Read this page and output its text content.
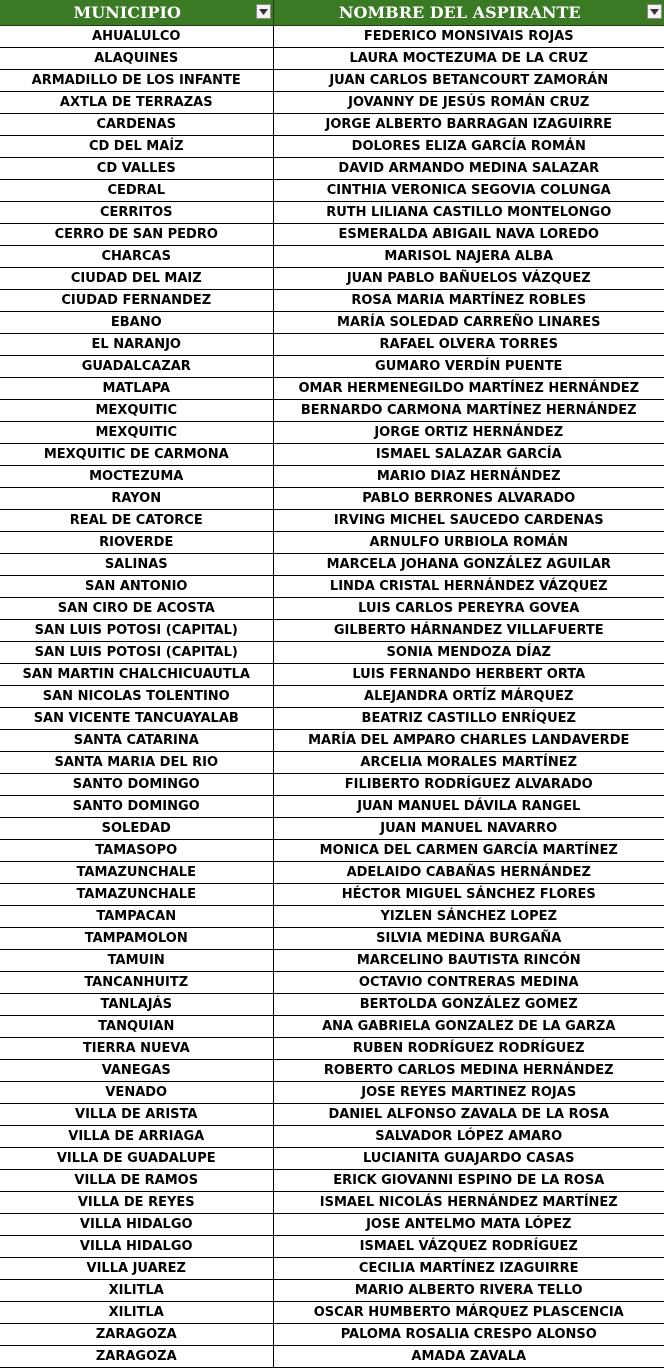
MUNICIPIO	NOMBRE DEL ASPIRANTE

AHUALULCO	FEDERICO MONSIVAIS ROJAS
ALAQUINES	LAURA MOCTEZUMA DE LA CRUZ
ARMADILLO DE LOS INFANTE	JUAN CARLOS BETANCOURT ZAMORÁN
AXTLA DE TERRAZAS	JOVANNY DE JESÚS ROMÁN CRUZ
CARDENAS	JORGE ALBERTO BARRAGAN IZAGUIRRE
CD DEL MAÍZ	DOLORES ELIZA GARCÍA ROMÁN
CD VALLES	DAVID ARMANDO MEDINA SALAZAR
CEDRAL	CINTHIA VERONICA SEGOVIA COLUNGA
CERRITOS	RUTH LILIANA CASTILLO MONTELONGO
CERRO DE SAN PEDRO	ESMERALDA ABIGAIL NAVA LOREDO
CHARCAS	MARISOL NAJERA ALBA
CIUDAD DEL MAIZ	JUAN PABLO BAÑUELOS VÁZQUEZ
CIUDAD FERNANDEZ	ROSA MARIA MARTÍNEZ ROBLES
EBANO	MARÍA SOLEDAD CARREÑO LINARES
EL NARANJO	RAFAEL OLVERA TORRES
GUADALCAZAR	GUMARO VERDÍN PUENTE
MATLAPA	OMAR HERMENEGILDO MARTÍNEZ HERNÁNDEZ
MEXQUITIC	BERNARDO CARMONA MARTÍNEZ HERNÁNDEZ
MEXQUITIC	JORGE ORTIZ HERNÁNDEZ
MEXQUITIC DE CARMONA	ISMAEL SALAZAR GARCÍA
MOCTEZUMA	MARIO DIAZ HERNÁNDEZ
RAYON	PABLO BERRONES ALVARADO
REAL DE CATORCE	IRVING MICHEL SAUCEDO CARDENAS
RIOVERDE	ARNULFO URBIOLA ROMÁN
SALINAS	MARCELA JOHANA GONZÁLEZ AGUILAR
SAN ANTONIO	LINDA CRISTAL HERNÁNDEZ VÁZQUEZ
SAN CIRO DE ACOSTA	LUIS CARLOS PEREYRA GOVEA
SAN LUIS POTOSI (CAPITAL)	GILBERTO HÁRNANDEZ VILLAFUERTE
SAN LUIS POTOSI (CAPITAL)	SONIA MENDOZA DÍAZ
SAN MARTIN CHALCHICUAUTLA	LUIS FERNANDO HERBERT ORTA
SAN NICOLAS TOLENTINO	ALEJANDRA ORTÍZ MÁRQUEZ
SAN VICENTE TANCUAYALAB	BEATRIZ CASTILLO ENRÍQUEZ
SANTA CATARINA	MARÍA DEL AMPARO CHARLES LANDAVERDE
SANTA MARIA DEL RIO	ARCELIA MORALES MARTÍNEZ
SANTO DOMINGO	FILIBERTO RODRÍGUEZ ALVARADO
SANTO DOMINGO	JUAN MANUEL DÁVILA RANGEL
SOLEDAD	JUAN MANUEL NAVARRO
TAMASOPO	MONICA DEL CARMEN GARCÍA MARTÍNEZ
TAMAZUNCHALE	ADELAIDO CABAÑAS HERNÁNDEZ
TAMAZUNCHALE	HÉCTOR MIGUEL SÁNCHEZ FLORES
TAMPACAN	YIZLEN SÁNCHEZ LOPEZ
TAMPAMOLON	SILVIA MEDINA BURGAÑA
TAMUIN	MARCELINO BAUTISTA RINCÓN
TANCANHUITZ	OCTAVIO CONTRERAS MEDINA
TANLAJÁS	BERTOLDA GONZÁLEZ GOMEZ
TANQUIAN	ANA GABRIELA GONZALEZ DE LA GARZA
TIERRA NUEVA	RUBEN RODRÍGUEZ RODRÍGUEZ
VANEGAS	ROBERTO CARLOS MEDINA HERNÁNDEZ
VENADO	JOSE REYES MARTINEZ ROJAS
VILLA DE ARISTA	DANIEL ALFONSO ZAVALA DE LA ROSA
VILLA DE ARRIAGA	SALVADOR LÓPEZ AMARO
VILLA DE GUADALUPE	LUCIANITA GUAJARDO CASAS
VILLA DE RAMOS	ERICK GIOVANNI ESPINO DE LA ROSA
VILLA DE REYES	ISMAEL NICOLÁS HERNÁNDEZ MARTÍNEZ
VILLA HIDALGO	JOSE ANTELMO MATA LÓPEZ
VILLA HIDALGO	ISMAEL VÁZQUEZ RODRÍGUEZ
VILLA JUAREZ	CECILIA MARTÍNEZ IZAGUIRRE
XILITLA	MARIO ALBERTO RIVERA TELLO
XILITLA	OSCAR HUMBERTO MÁRQUEZ PLASCENCIA
ZARAGOZA	PALOMA ROSALIA CRESPO ALONSO
ZARAGOZA	AMADA ZAVALA
